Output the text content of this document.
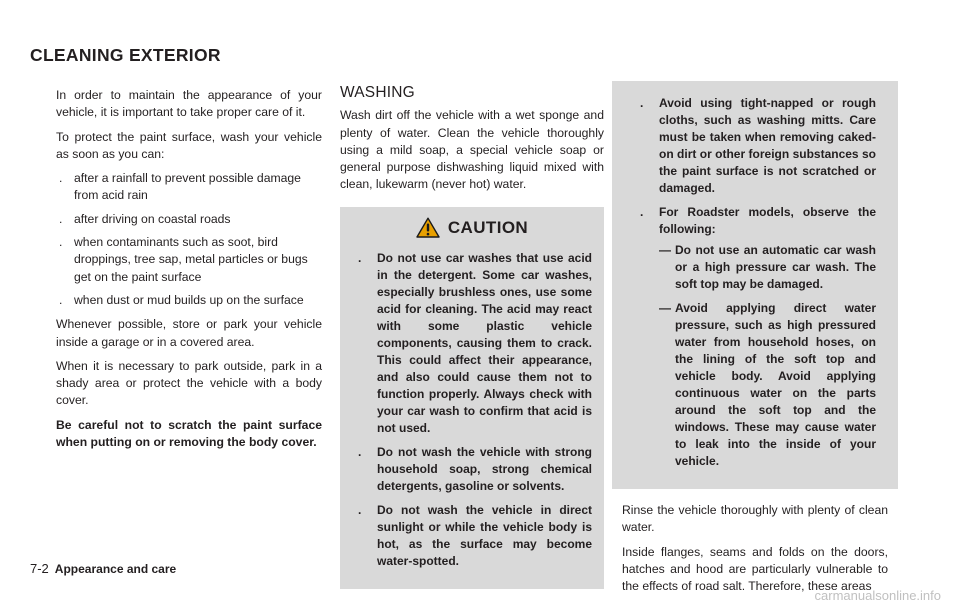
CLEANING EXTERIOR

In order to maintain the appearance of your vehicle, it is important to take proper care of it.

To protect the paint surface, wash your vehicle as soon as you can:

. after a rainfall to prevent possible damage from acid rain
. after driving on coastal roads
. when contaminants such as soot, bird droppings, tree sap, metal particles or bugs get on the paint surface
. when dust or mud builds up on the surface

Whenever possible, store or park your vehicle inside a garage or in a covered area.

When it is necessary to park outside, park in a shady area or protect the vehicle with a body cover.

Be careful not to scratch the paint surface when putting on or removing the body cover.

WASHING

Wash dirt off the vehicle with a wet sponge and plenty of water. Clean the vehicle thoroughly using a mild soap, a special vehicle soap or general purpose dishwashing liquid mixed with clean, lukewarm (never hot) water.

CAUTION
. Do not use car washes that use acid in the detergent. Some car washes, especially brushless ones, use some acid for cleaning. The acid may react with some plastic vehicle components, causing them to crack. This could affect their appearance, and also could cause them not to function properly. Always check with your car wash to confirm that acid is not used.
. Do not wash the vehicle with strong household soap, strong chemical detergents, gasoline or solvents.
. Do not wash the vehicle in direct sunlight or while the vehicle body is hot, as the surface may become water-spotted.
. Avoid using tight-napped or rough cloths, such as washing mitts. Care must be taken when removing caked-on dirt or other foreign substances so the paint surface is not scratched or damaged.
. For Roadster models, observe the following:
— Do not use an automatic car wash or a high pressure car wash. The soft top may be damaged.
— Avoid applying direct water pressure, such as high pressured water from household hoses, on the lining of the soft top and vehicle body. Avoid applying continuous water on the parts around the soft top and the windows. These may cause water to leak into the inside of your vehicle.

Rinse the vehicle thoroughly with plenty of clean water.

Inside flanges, seams and folds on the doors, hatches and hood are particularly vulnerable to the effects of road salt. Therefore, these areas

7-2 Appearance and care
carmanualsonline.info
